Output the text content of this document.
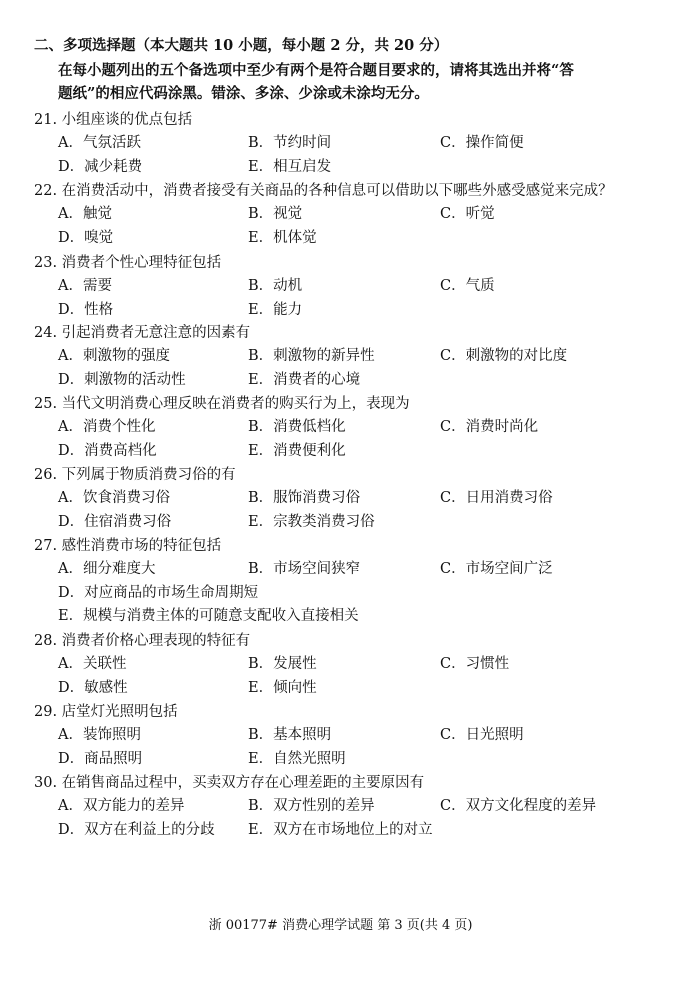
二、多项选择题（本大题共 10 小题，每小题 2 分，共 20 分）
在每小题列出的五个备选项中至少有两个是符合题目要求的，请将其选出并将“答
题纸”的相应代码涂黑。错涂、多涂、少涂或未涂均无分。
21. 小组座谈的优点包括
A．气氛活跃	B．节约时间	C．操作简便
D．减少耗费	E．相互启发
22. 在消费活动中，消费者接受有关商品的各种信息可以借助以下哪些外感受感觉来完成？
A．触觉	B．视觉	C．听觉
D．嗅觉	E．机体觉
23. 消费者个性心理特征包括
A．需要	B．动机	C．气质
D．性格	E．能力
24. 引起消费者无意注意的因素有
A．刺激物的强度	B．刺激物的新异性	C．刺激物的对比度
D．刺激物的活动性	E．消费者的心境
25. 当代文明消费心理反映在消费者的购买行为上，表现为
A．消费个性化	B．消费低档化	C．消费时尚化
D．消费高档化	E．消费便利化
26. 下列属于物质消费习俗的有
A．饮食消费习俗	B．服饰消费习俗	C．日用消费习俗
D．住宿消费习俗	E．宗教类消费习俗
27. 感性消费市场的特征包括
A．细分难度大	B．市场空间狭窄	C．市场空间广泛
D．对应商品的市场生命周期短
E．规模与消费主体的可随意支配收入直接相关
28. 消费者价格心理表现的特征有
A．关联性	B．发展性	C．习惯性
D．敏感性	E．倾向性
29. 店堂灯光照明包括
A．装饰照明	B．基本照明	C．日光照明
D．商品照明	E．自然光照明
30. 在销售商品过程中，买卖双方存在心理差距的主要原因有
A．双方能力的差异	B．双方性别的差异	C．双方文化程度的差异
D．双方在利益上的分歧 E．双方在市场地位上的对立
浙 00177# 消费心理学试题 第 3 页(共 4 页)
